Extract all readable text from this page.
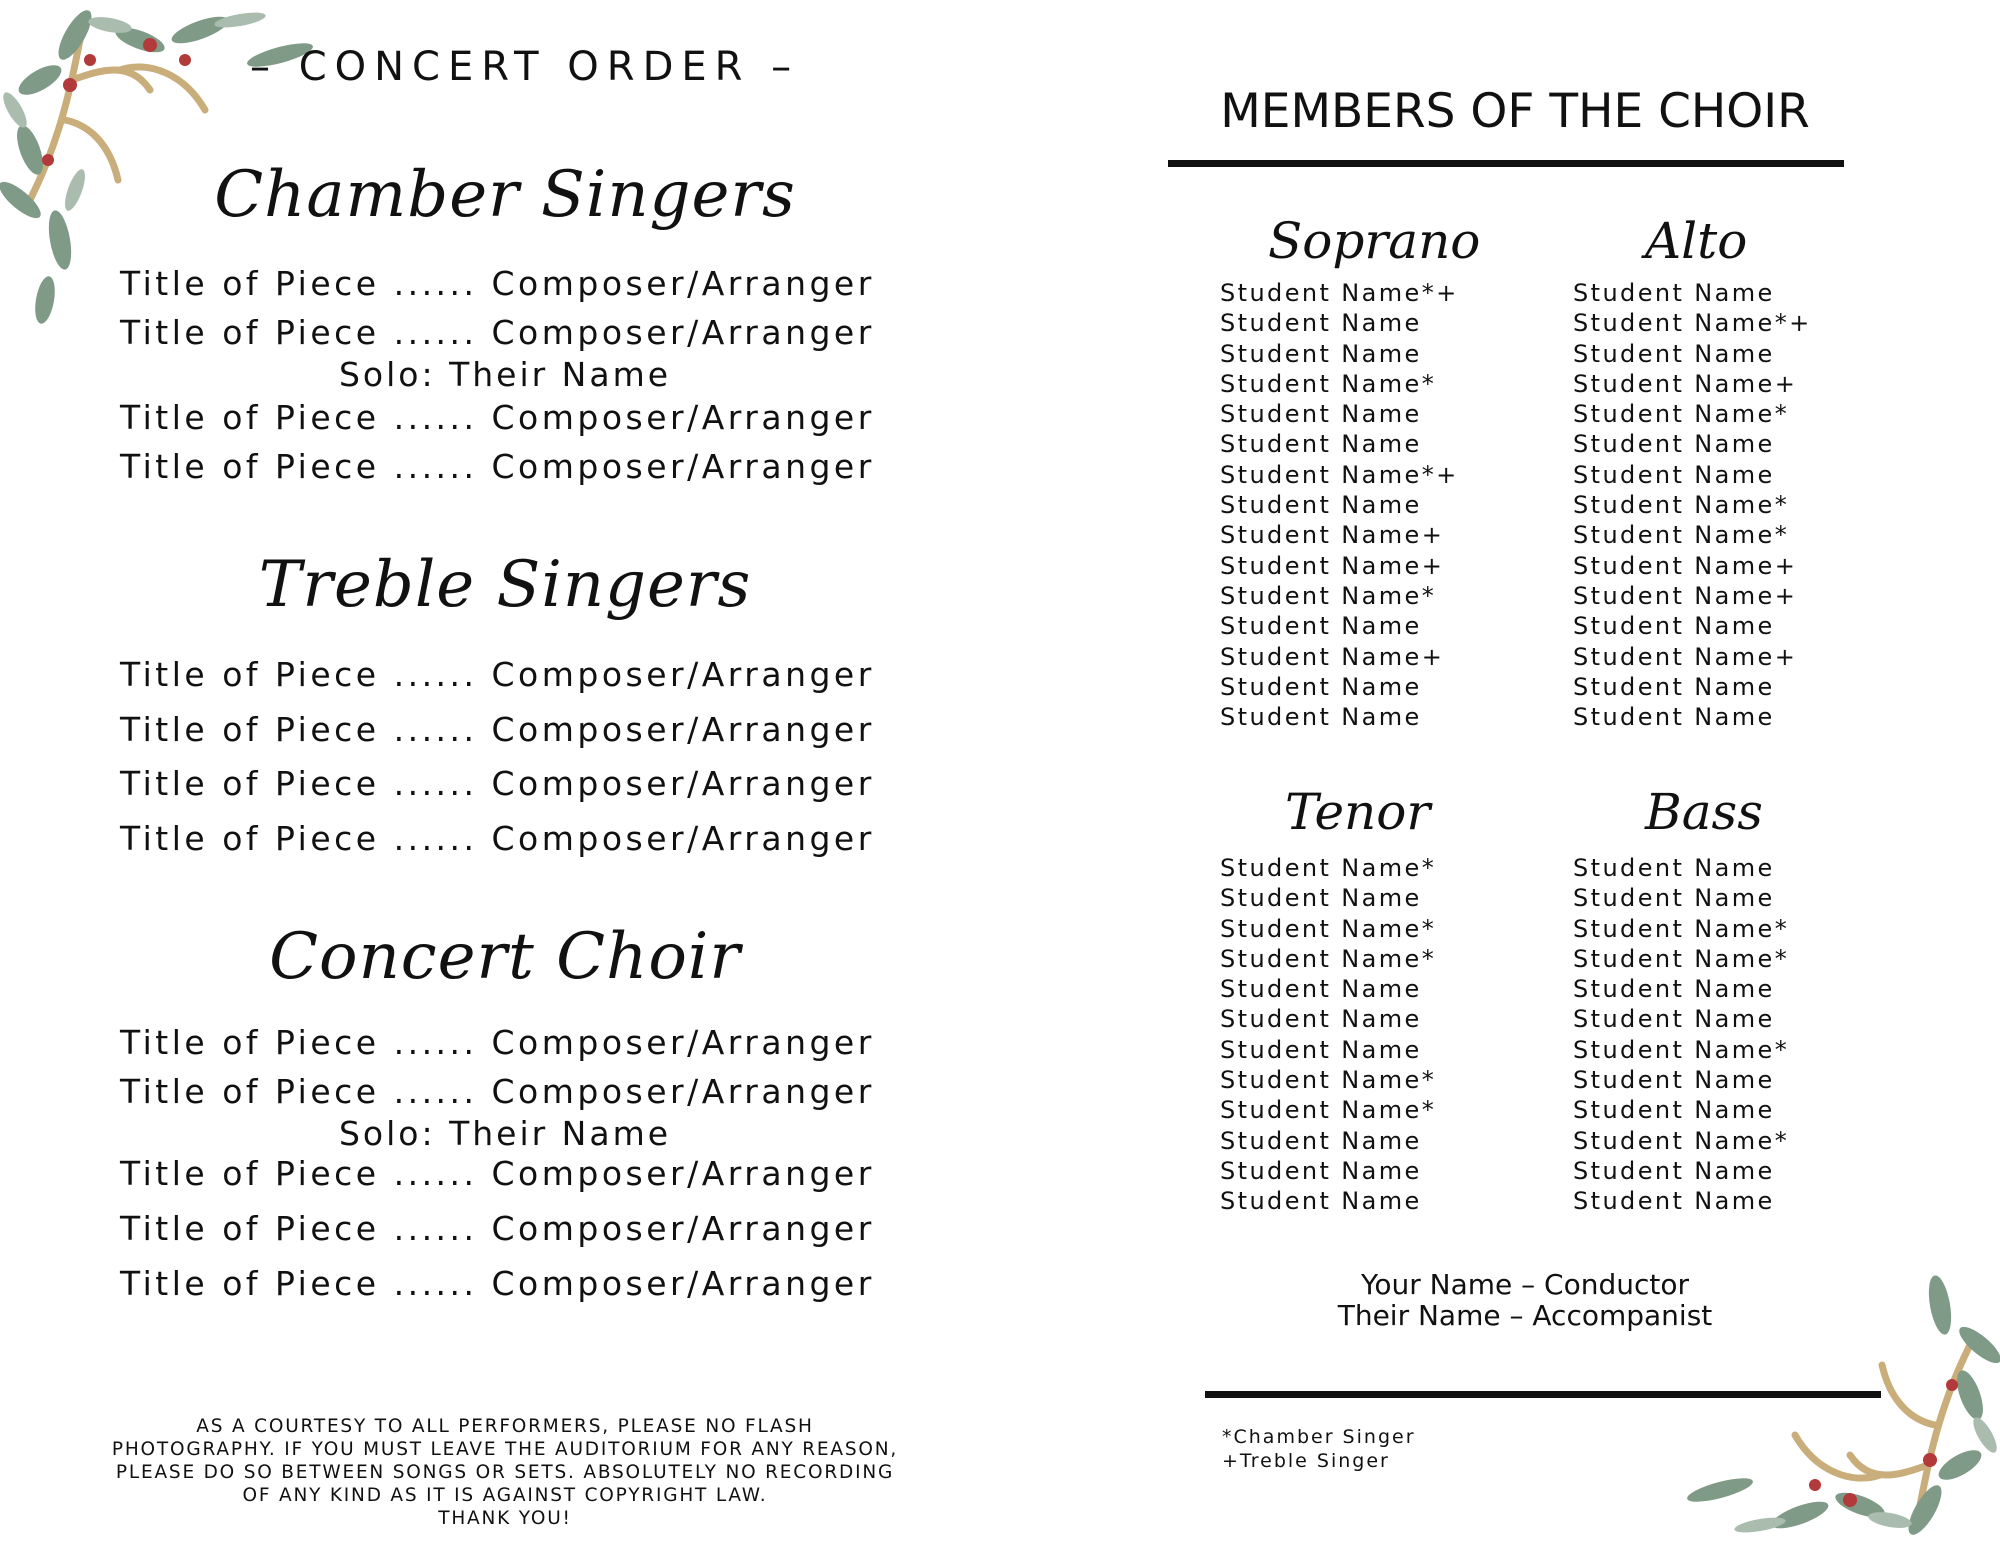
– CONCERT ORDER –
Chamber Singers
Title of Piece ...... Composer/Arranger
Title of Piece ...... Composer/Arranger
Solo: Their Name
Title of Piece ...... Composer/Arranger
Title of Piece ...... Composer/Arranger
Treble Singers
Title of Piece ...... Composer/Arranger
Title of Piece ...... Composer/Arranger
Title of Piece ...... Composer/Arranger
Title of Piece ...... Composer/Arranger
Concert Choir
Title of Piece ...... Composer/Arranger
Title of Piece ...... Composer/Arranger
Solo: Their Name
Title of Piece ...... Composer/Arranger
Title of Piece ...... Composer/Arranger
Title of Piece ...... Composer/Arranger
AS A COURTESY TO ALL PERFORMERS, PLEASE NO FLASH
PHOTOGRAPHY. IF YOU MUST LEAVE THE AUDITORIUM FOR ANY REASON,
PLEASE DO SO BETWEEN SONGS OR SETS. ABSOLUTELY NO RECORDING
OF ANY KIND AS IT IS AGAINST COPYRIGHT LAW.
THANK YOU!
MEMBERS OF THE CHOIR
Soprano
Student Name*+
Student Name
Student Name
Student Name*
Student Name
Student Name
Student Name*+
Student Name
Student Name+
Student Name+
Student Name*
Student Name
Student Name+
Student Name
Student Name
Alto
Student Name
Student Name*+
Student Name
Student Name+
Student Name*
Student Name
Student Name
Student Name*
Student Name*
Student Name+
Student Name+
Student Name
Student Name+
Student Name
Student Name
Tenor
Student Name*
Student Name
Student Name*
Student Name*
Student Name
Student Name
Student Name
Student Name*
Student Name*
Student Name
Student Name
Student Name
Bass
Student Name
Student Name
Student Name*
Student Name*
Student Name
Student Name
Student Name*
Student Name
Student Name
Student Name*
Student Name
Student Name
Your Name – Conductor
Their Name – Accompanist
*Chamber Singer
+Treble Singer
